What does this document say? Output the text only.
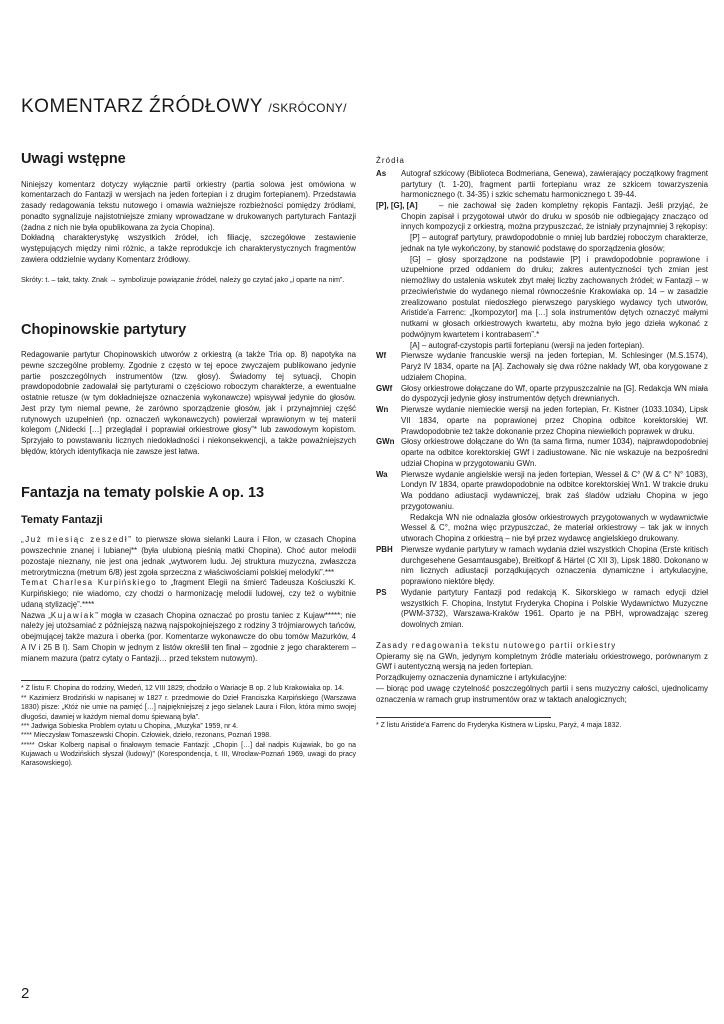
KOMENTARZ ŹRÓDŁOWY /SKRÓCONY/
Uwagi wstępne

Niniejszy komentarz dotyczy wyłącznie partii orkiestry (partia solowa jest omówiona w komentarzach do Fantazji w wersjach na jeden fortepian i z drugim fortepianem). Przedstawia zasady redagowania tekstu nutowego i omawia ważniejsze rozbieżności pomiędzy źródłami, ponadto sygnalizuje najistotniejsze zmiany wprowadzane w drukowanych partyturach Fantazji (żadna z nich nie była opublikowana za życia Chopina).

Dokładną charakterystykę wszystkich źródeł, ich filiację, szczegółowe zestawienie występujących między nimi różnic, a także reprodukcje ich charakterystycznych fragmentów zawiera oddzielnie wydany Komentarz źródłowy.

Skróty: t. – takt, takty. Znak → symbolizuje powiązanie źródeł, należy go czytać jako „i oparte na nim”.

Chopinowskie partytury

Redagowanie partytur Chopinowskich utworów z orkiestrą (a także Tria op. 8) napotyka na pewne szczególne problemy. Zgodnie z często w tej epoce zwyczajem publikowano jedynie partie poszczególnych instrumentów (tzw. głosy). Świadomy tej sytuacji, Chopin prawdopodobnie zadowalał się partyturami o częściowo roboczym charakterze, a ewentualne ostatnie retusze (w tym dokładniejsze oznaczenia wykonawcze) wpisywał jedynie do głosów. Jest przy tym niemal pewne, że zarówno sporządzenie głosów, jak i przynajmniej część rutynowych uzupełnień (np. oznaczeń wykonawczych) powierzał wprawionym w tej materii kolegom („Nidecki […] przeglądał i poprawiał orkiestrowe głosy”* lub zawodowym kopistom. Sprzyjało to powstawaniu licznych niedokładności i niekonsekwencji, a także poważniejszych błędów, których identyfikacja nie zawsze jest łatwa.

Fantazja na tematy polskie A op. 13
Tematy Fantazji

„Już miesiąc zeszedł” to pierwsze słowa sielanki Laura i Filon, w czasach Chopina powszechnie znanej i lubianej** (była ulubioną pieśnią matki Chopina). Choć autor melodii pozostaje nieznany, nie jest ona jednak „wytworem ludu. Jej struktura muzyczna, zwłaszcza metrorytmiczna (metrum 6/8) jest zgoła sprzeczna z właściwościami polskiej melodyki”.***

Temat Charlesa Kurpińskiego to „fragment Elegii na śmierć Tadeusza Kościuszki K. Kurpińskiego; nie wiadomo, czy chodzi o harmonizację melodii ludowej, czy też o wybitnie udaną stylizację”.****

Nazwa „Kujawiak” mogła w czasach Chopina oznaczać po prostu taniec z Kujaw*****; nie należy jej utożsamiać z późniejszą nazwą najspokojniejszego z rodziny 3 trójmiarowych tańców, obejmującej także mazura i oberka (por. Komentarze wykonawcze do obu tomów Mazurków, 4 A IV i 25 B I). Sam Chopin w jednym z listów określił ten finał – zgodnie z jego charakterem – mianem mazura (patrz cytaty o Fantazji… przed tekstem nutowym).

* Z listu F. Chopina do rodziny, Wiedeń, 12 VIII 1829; chodziło o Wariacje B op. 2 lub Krakowiaka op. 14.

** Kazimierz Brodziński w napisanej w 1827 r. przedmowie do Dzieł Franciszka Karpińskiego (Warszawa 1830) pisze: „Któż nie umie na pamięć […] najpiękniejszej z jego sielanek Laura i Filon, która mimo swojej długości, dawniej w każdym niemal domu śpiewaną była”.

*** Jadwiga Sobieska Problem cytatu u Chopina, „Muzyka” 1959, nr 4.

**** Mieczysław Tomaszewski Chopin. Człowiek, dzieło, rezonans, Poznań 1998.

***** Oskar Kolberg napisał o finałowym temacie Fantazji: „Chopin […] dał nadpis Kujawiak, bo go na Kujawach u Wodzińskich słyszał (ludowy)” (Korespondencja, t. III, Wrocław-Poznań 1969, uwagi do pracy Karasowskiego).

Źródła
As	Autograf szkicowy (Biblioteca Bodmeriana, Genewa), zawierający początkowy fragment partytury (t. 1-20), fragment partii fortepianu wraz ze szkicem towarzyszenia harmonicznego (t. 34-35) i szkic schematu harmonicznego t. 39-44.

[P], [G], [A]	– nie zachował się żaden kompletny rękopis Fantazji. Jeśli przyjąć, że Chopin zapisał i przygotował utwór do druku w sposób nie odbiegający znacząco od innych kompozycji z orkiestrą, można przypuszczać, że istniały przynajmniej 3 rękopisy:

[P] – autograf partytury, prawdopodobnie o mniej lub bardziej roboczym charakterze, jednak na tyle wykończony, by stanowić podstawę do sporządzenia głosów;

[G] – głosy sporządzone na podstawie [P] i prawdopodobnie poprawione i uzupełnione przed oddaniem do druku; zakres autentyczności tych zmian jest niemożliwy do ustalenia wskutek zbyt małej liczby zachowanych źródeł; w Fantazji – w przeciwieństwie do wydanego niemal równocześnie Krakowiaka op. 14 – w zasadzie zrealizowano postulat niedoszłego pierwszego paryskiego wydawcy tych utworów, Aristide'a Farrenc: „[kompozytor] ma […] sola instrumentów dętych oznaczyć małymi nutkami w głosach orkiestrowych kwartetu, aby można było jego dzieła wykonać z podwójnym kwartetem i kontrabasem”.*

[A] – autograf-czystopis partii fortepianu (wersji na jeden fortepian).

Wf	Pierwsze wydanie francuskie wersji na jeden fortepian, M. Schlesinger (M.S.1574), Paryż IV 1834, oparte na [A]. Zachowały się dwa różne nakłady Wf, oba korygowane z udziałem Chopina.

GWf	Głosy orkiestrowe dołączane do Wf, oparte przypuszczalnie na [G]. Redakcja WN miała do dyspozycji jedynie głosy instrumentów dętych drewnianych.

Wn	Pierwsze wydanie niemieckie wersji na jeden fortepian, Fr. Kistner (1033.1034), Lipsk VII 1834, oparte na poprawionej przez Chopina odbitce korektorskiej Wf. Prawdopodobnie też także dokonanie przez Chopina niewielkich poprawek w druku.

GWn Głosy orkiestrowe dołączane do Wn (ta sama firma, numer 1034), najprawdopodobniej oparte na odbitce korektorskiej GWf i zadiustowane. Nic nie wskazuje na bezpośredni udział Chopina w przygotowaniu GWn.

Wa	Pierwsze wydanie angielskie wersji na jeden fortepian, Wessel & C° (W & C° N° 1083), Londyn IV 1834, oparte prawdopodobnie na odbitce korektorskiej Wn1. W trakcie druku Wa poddano adiustacji wydawniczej, brak zaś śladów udziału Chopina w jego przygotowaniu.

Redakcja WN nie odnalazła głosów orkiestrowych przygotowanych w wydawnictwie Wessel & C°, można więc przypuszczać, że materiał orkiestrowy – tak jak w innych utworach Chopina z orkiestrą – nie był przez wydawcę angielskiego drukowany.

PBH	Pierwsze wydanie partytury w ramach wydania dzieł wszystkich Chopina (Erste kritisch durchgesehene Gesamtausgabe), Breitkopf & Härtel (C XII 3), Lipsk 1880. Dokonano w nim licznych adiustacji porządkujących oznaczenia dynamiczne i artykulacyjne, poprawiono niektóre błędy.

PS	Wydanie partytury Fantazji pod redakcją K. Sikorskiego w ramach edycji dzieł wszystkich F. Chopina, Instytut Fryderyka Chopina i Polskie Wydawnictwo Muzyczne (PWM-3732), Warszawa-Kraków 1961. Oparto je na PBH, wprowadzając szereg dowolnych zmian.

Zasady redagowania tekstu nutowego partii orkiestry

Opieramy się na GWn, jedynym kompletnym źródle materiału orkiestrowego, porównanym z GWf i autentyczną wersją na jeden fortepian.

Porządkujemy oznaczenia dynamiczne i artykulacyjne:

— biorąc pod uwagę czytelność poszczególnych partii i sens muzyczny całości, ujednolicamy oznaczenia w ramach grup instrumentów oraz w taktach analogicznych;

* Z listu Aristide'a Farrenc do Fryderyka Kistnera w Lipsku, Paryż, 4 maja 1832.

2
